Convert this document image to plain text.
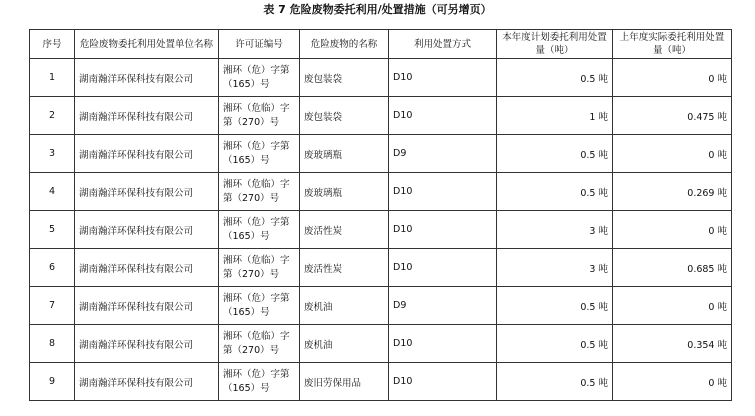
表 7 危险废物委托利用/处置措施（可另增页）
序号	危险废物委托利用处置单位名称	许可证编号	危险废物的名称	利用处置方式	本年度计划委托利用处置量（吨）	上年度实际委托利用处置量（吨）
1	湖南瀚洋环保科技有限公司	湘环（危）字第（165）号	废包装袋	D10	0.5 吨	0 吨
2	湖南瀚洋环保科技有限公司	湘环（危临）字第（270）号	废包装袋	D10	1 吨	0.475 吨
3	湖南瀚洋环保科技有限公司	湘环（危）字第（165）号	废玻璃瓶	D9	0.5 吨	0 吨
4	湖南瀚洋环保科技有限公司	湘环（危临）字第（270）号	废玻璃瓶	D10	0.5 吨	0.269 吨
5	湖南瀚洋环保科技有限公司	湘环（危）字第（165）号	废活性炭	D10	3 吨	0 吨
6	湖南瀚洋环保科技有限公司	湘环（危临）字第（270）号	废活性炭	D10	3 吨	0.685 吨
7	湖南瀚洋环保科技有限公司	湘环（危）字第（165）号	废机油	D9	0.5 吨	0 吨
8	湖南瀚洋环保科技有限公司	湘环（危临）字第（270）号	废机油	D10	0.5 吨	0.354 吨
9	湖南瀚洋环保科技有限公司	湘环（危）字第（165）号	废旧劳保用品	D10	0.5 吨	0 吨
